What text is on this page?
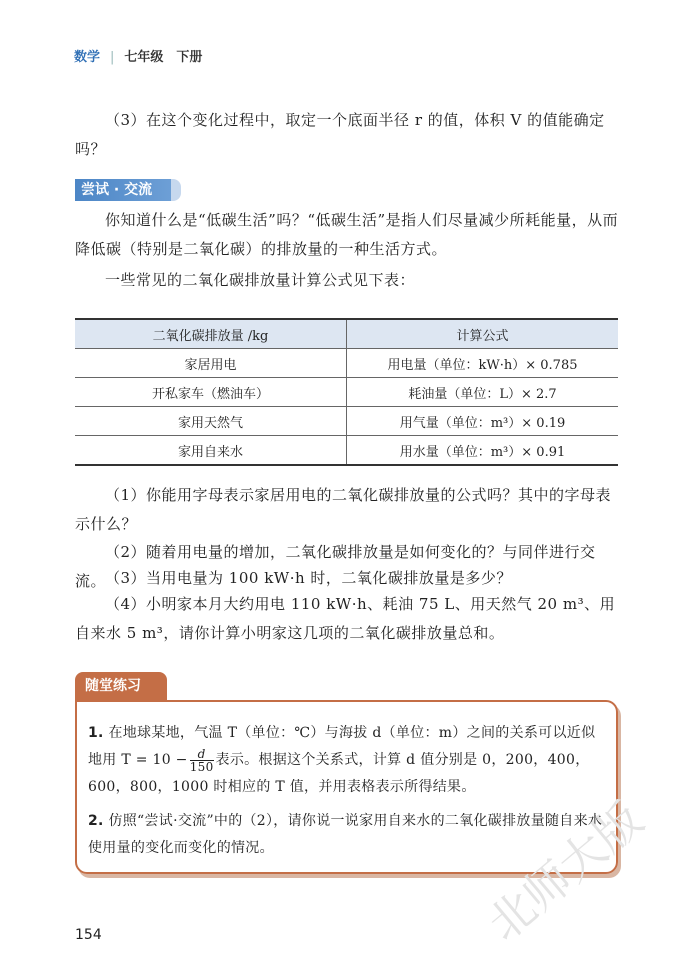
数学 | 七年级　下册
（3）在这个变化过程中，取定一个底面半径 r 的值，体积 V 的值能确定吗？
尝试 · 交流
你知道什么是“低碳生活”吗？“低碳生活”是指人们尽量减少所耗能量，从而降低碳（特别是二氧化碳）的排放量的一种生活方式。
一些常见的二氧化碳排放量计算公式见下表：
二氧化碳排放量 /kg	计算公式
家居用电	用电量（单位：kW·h）× 0.785
开私家车（燃油车）	耗油量（单位：L）× 2.7
家用天然气	用气量（单位：m³）× 0.19
家用自来水	用水量（单位：m³）× 0.91
（1）你能用字母表示家居用电的二氧化碳排放量的公式吗？其中的字母表示什么？
（2）随着用电量的增加，二氧化碳排放量是如何变化的？与同伴进行交流。
（3）当用电量为 100 kW·h 时，二氧化碳排放量是多少？
（4）小明家本月大约用电 110 kW·h、耗油 75 L、用天然气 20 m³、用自来水 5 m³，请你计算小明家这几项的二氧化碳排放量总和。
随堂练习
1. 在地球某地，气温 T（单位：℃）与海拔 d（单位：m）之间的关系可以近似地用 $T = 10 - \frac{d}{150}$ 表示。根据这个关系式，计算 d 值分别是 0，200，400，600，800，1000 时相应的 T 值，并用表格表示所得结果。
2. 仿照“尝试·交流”中的（2），请你说一说家用自来水的二氧化碳排放量随自来水使用量的变化而变化的情况。
154	北师大版
